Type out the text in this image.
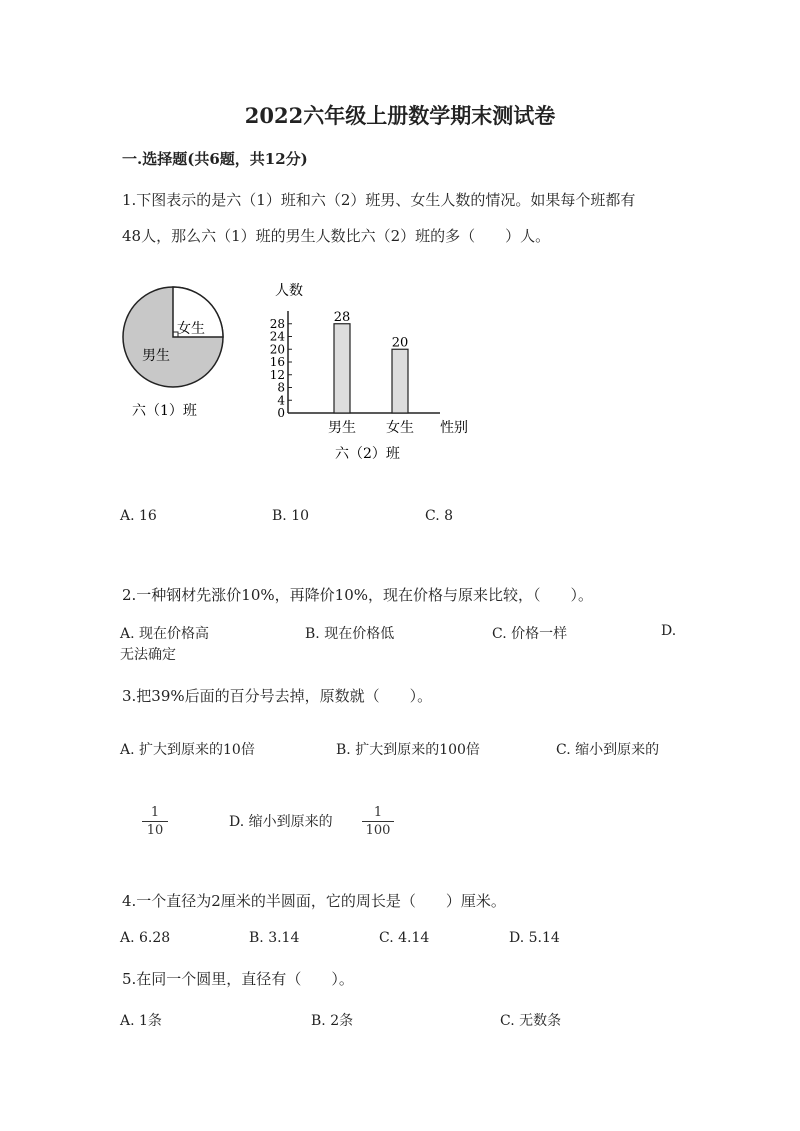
2022六年级上册数学期末测试卷
一.选择题(共6题，共12分)
1.下图表示的是六（1）班和六（2）班男、女生人数的情况。如果每个班都有
48人，那么六（1）班的男生人数比六（2）班的多（　　）人。
女生
男生
六（1）班
人数
性别
六（2）班
0
4
8
12
16
20
24
28	28
男生
20
女生
A. 16	B. 10	C. 8
2.一种钢材先涨价10%，再降价10%，现在价格与原来比较，（　　）。
A. 现在价格高	B. 现在价格低	C. 价格一样	D.
无法确定
3.把39%后面的百分号去掉，原数就（　　）。
A. 扩大到原来的10倍	B. 扩大到原来的100倍	C. 缩小到原来的
$\frac{1}{10}$	D. 缩小到原来的 $\frac{1}{100}$
4.一个直径为2厘米的半圆面，它的周长是（　　）厘米。
A. 6.28	B. 3.14	C. 4.14	D. 5.14
5.在同一个圆里，直径有（　　）。
A. 1条	B. 2条	C. 无数条
